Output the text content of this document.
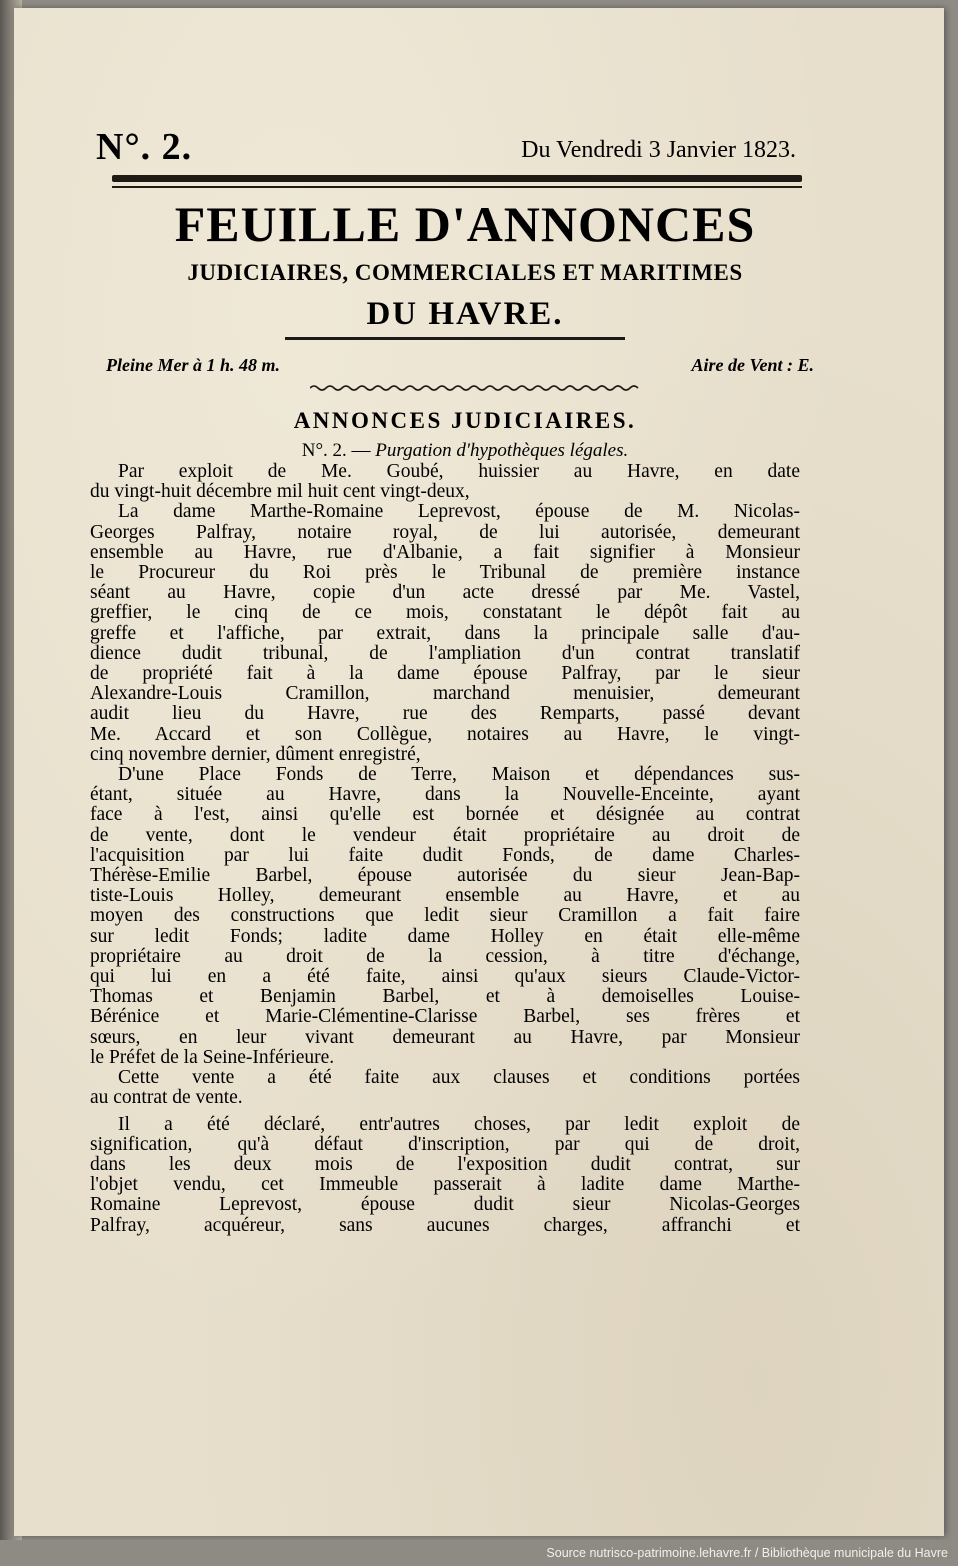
N°. 2.	Du Vendredi 3 Janvier 1823.
FEUILLE D'ANNONCES
JUDICIAIRES, COMMERCIALES ET MARITIMES
DU HAVRE.
Pleine Mer à 1 h. 48 m.	Aire de Vent : E.
ANNONCES JUDICIAIRES.
N°. 2. — Purgation d'hypothèques légales.
Par exploit de Me. Goubé, huissier au Havre, en date
du vingt-huit décembre mil huit cent vingt-deux,
La dame Marthe-Romaine Leprevost, épouse de M. Nicolas-
Georges Palfray, notaire royal, de lui autorisée, demeurant
ensemble au Havre, rue d'Albanie, a fait signifier à Monsieur
le Procureur du Roi près le Tribunal de première instance
séant au Havre, copie d'un acte dressé par Me. Vastel,
greffier, le cinq de ce mois, constatant le dépôt fait au
greffe et l'affiche, par extrait, dans la principale salle d'au-
dience dudit tribunal, de l'ampliation d'un contrat translatif
de propriété fait à la dame épouse Palfray, par le sieur
Alexandre-Louis Cramillon, marchand menuisier, demeurant
audit lieu du Havre, rue des Remparts, passé devant
Me. Accard et son Collègue, notaires au Havre, le vingt-
cinq novembre dernier, dûment enregistré,
D'une Place Fonds de Terre, Maison et dépendances sus-
étant, située au Havre, dans la Nouvelle-Enceinte, ayant
face à l'est, ainsi qu'elle est bornée et désignée au contrat
de vente, dont le vendeur était propriétaire au droit de
l'acquisition par lui faite dudit Fonds, de dame Charles-
Thérèse-Emilie Barbel, épouse autorisée du sieur Jean-Bap-
tiste-Louis Holley, demeurant ensemble au Havre, et au
moyen des constructions que ledit sieur Cramillon a fait faire
sur ledit Fonds; ladite dame Holley en était elle-même
propriétaire au droit de la cession, à titre d'échange,
qui lui en a été faite, ainsi qu'aux sieurs Claude-Victor-
Thomas et Benjamin Barbel, et à demoiselles Louise-
Bérénice et Marie-Clémentine-Clarisse Barbel, ses frères et
sœurs, en leur vivant demeurant au Havre, par Monsieur
le Préfet de la Seine-Inférieure.
Cette vente a été faite aux clauses et conditions portées
au contrat de vente.
Il a été déclaré, entr'autres choses, par ledit exploit de
signification, qu'à défaut d'inscription, par qui de droit,
dans les deux mois de l'exposition dudit contrat, sur
l'objet vendu, cet Immeuble passerait à ladite dame Marthe-
Romaine Leprevost, épouse dudit sieur Nicolas-Georges
Palfray, acquéreur, sans aucunes charges, affranchi et
Source nutrisco-patrimoine.lehavre.fr / Bibliothèque municipale du Havre
